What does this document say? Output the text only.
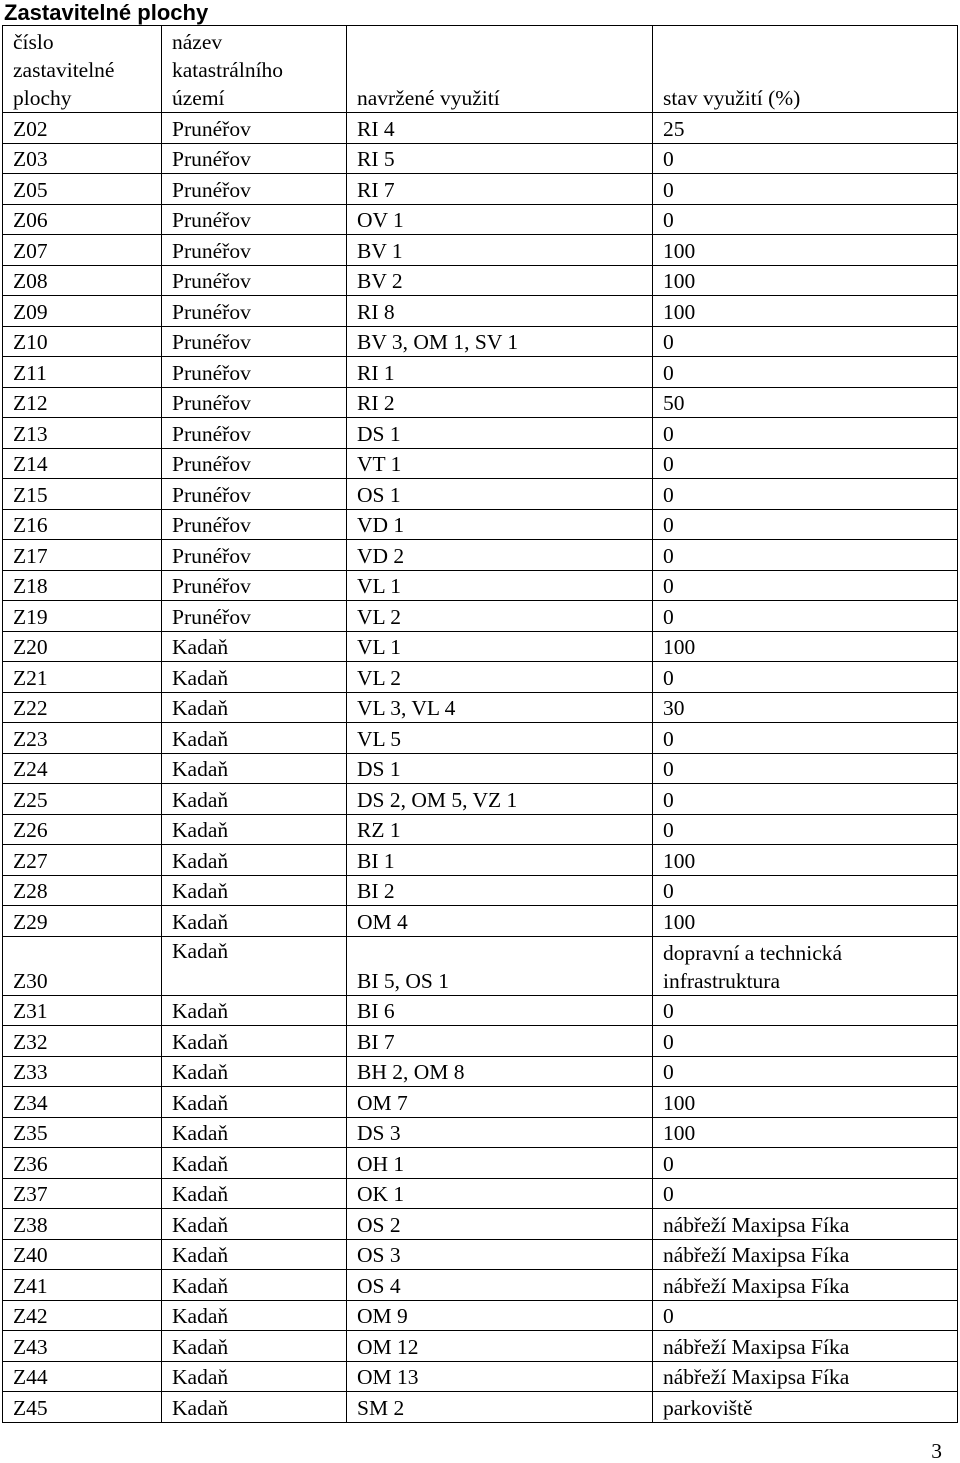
Zastavitelné plochy
číslo
zastavitelné
plochy	název
katastrálního
území	navržené využití	stav využití (%)

Z02	Prunéřov	RI 4	25
Z03	Prunéřov	RI 5	0
Z05	Prunéřov	RI 7	0
Z06	Prunéřov	OV 1	0
Z07	Prunéřov	BV 1	100
Z08	Prunéřov	BV 2	100
Z09	Prunéřov	RI 8	100
Z10	Prunéřov	BV 3, OM 1, SV 1	0
Z11	Prunéřov	RI 1	0
Z12	Prunéřov	RI 2	50
Z13	Prunéřov	DS 1	0
Z14	Prunéřov	VT 1	0
Z15	Prunéřov	OS 1	0
Z16	Prunéřov	VD 1	0
Z17	Prunéřov	VD 2	0
Z18	Prunéřov	VL 1	0
Z19	Prunéřov	VL 2	0
Z20	Kadaň	VL 1	100
Z21	Kadaň	VL 2	0
Z22	Kadaň	VL 3, VL 4	30
Z23	Kadaň	VL 5	0
Z24	Kadaň	DS 1	0
Z25	Kadaň	DS 2, OM 5, VZ 1	0
Z26	Kadaň	RZ 1	0
Z27	Kadaň	BI 1	100
Z28	Kadaň	BI 2	0
Z29	Kadaň	OM 4	100
Z30	Kadaň	BI 5, OS 1	dopravní a technická infrastruktura
Z31	Kadaň	BI 6	0
Z32	Kadaň	BI 7	0
Z33	Kadaň	BH 2, OM 8	0
Z34	Kadaň	OM 7	100
Z35	Kadaň	DS 3	100
Z36	Kadaň	OH 1	0
Z37	Kadaň	OK 1	0
Z38	Kadaň	OS 2	nábřeží Maxipsa Fíka
Z40	Kadaň	OS 3	nábřeží Maxipsa Fíka
Z41	Kadaň	OS 4	nábřeží Maxipsa Fíka
Z42	Kadaň	OM 9	0
Z43	Kadaň	OM 12	nábřeží Maxipsa Fíka
Z44	Kadaň	OM 13	nábřeží Maxipsa Fíka
Z45	Kadaň	SM 2	parkoviště
3
